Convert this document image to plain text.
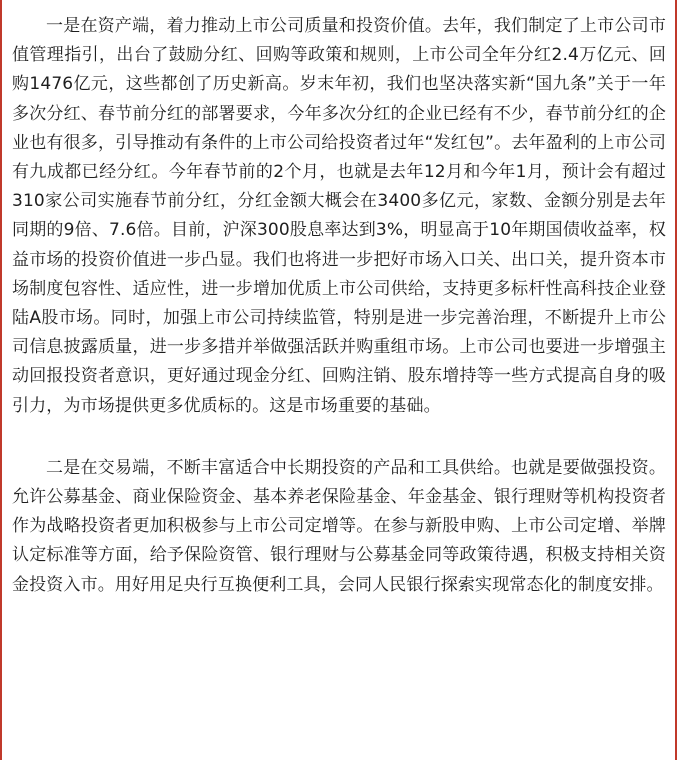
一是在资产端，着力推动上市公司质量和投资价值。去年，我们制定了上市公司市值管理指引，出台了鼓励分红、回购等政策和规则，上市公司全年分红2.4万亿元、回购1476亿元，这些都创了历史新高。岁末年初，我们也坚决落实新“国九条”关于一年多次分红、春节前分红的部署要求，今年多次分红的企业已经有不少，春节前分红的企业也有很多，引导推动有条件的上市公司给投资者过年“发红包”。去年盈利的上市公司有九成都已经分红。今年春节前的2个月，也就是去年12月和今年1月，预计会有超过310家公司实施春节前分红，分红金额大概会在3400多亿元，家数、金额分别是去年同期的9倍、7.6倍。目前，沪深300股息率达到3%，明显高于10年期国债收益率，权益市场的投资价值进一步凸显。我们也将进一步把好市场入口关、出口关，提升资本市场制度包容性、适应性，进一步增加优质上市公司供给，支持更多标杆性高科技企业登陆A股市场。同时，加强上市公司持续监管，特别是进一步完善治理，不断提升上市公司信息披露质量，进一步多措并举做强活跃并购重组市场。上市公司也要进一步增强主动回报投资者意识，更好通过现金分红、回购注销、股东增持等一些方式提高自身的吸引力，为市场提供更多优质标的。这是市场重要的基础。

二是在交易端，不断丰富适合中长期投资的产品和工具供给。也就是要做强投资。允许公募基金、商业保险资金、基本养老保险基金、年金基金、银行理财等机构投资者作为战略投资者更加积极参与上市公司定增等。在参与新股申购、上市公司定增、举牌认定标准等方面，给予保险资管、银行理财与公募基金同等政策待遇，积极支持相关资金投资入市。用好用足央行互换便利工具，会同人民银行探索实现常态化的制度安排。
